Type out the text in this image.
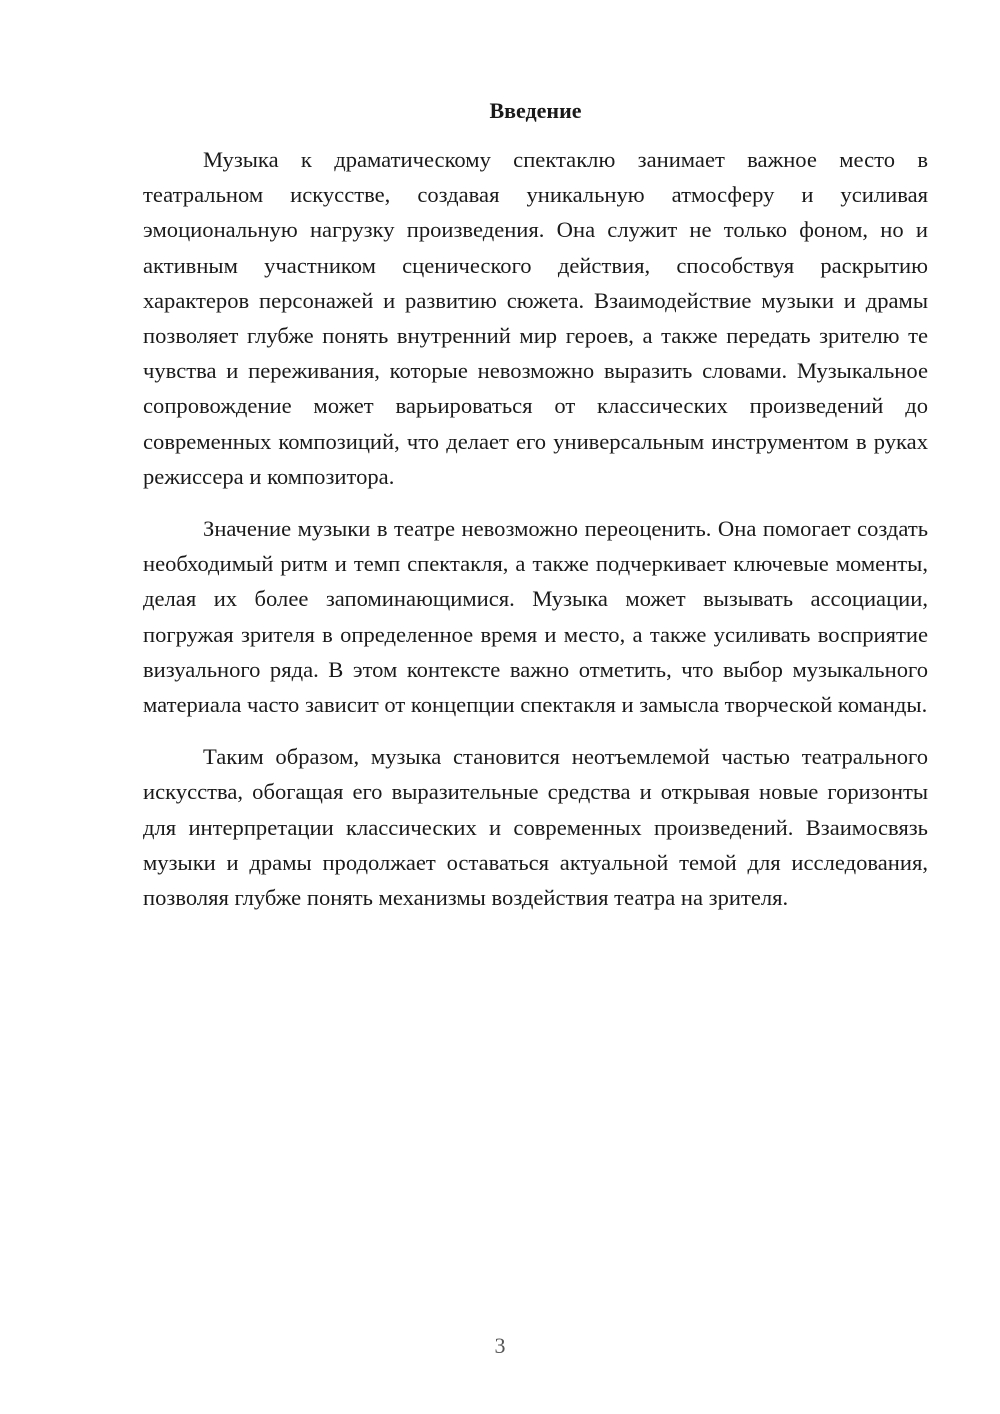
Введение

Музыка к драматическому спектаклю занимает важное место в театральном искусстве, создавая уникальную атмосферу и усиливая эмоциональную нагрузку произведения. Она служит не только фоном, но и активным участником сценического действия, способствуя раскрытию характеров персонажей и развитию сюжета. Взаимодействие музыки и драмы позволяет глубже понять внутренний мир героев, а также передать зрителю те чувства и переживания, которые невозможно выразить словами. Музыкальное сопровождение может варьироваться от классических произведений до современных композиций, что делает его универсальным инструментом в руках режиссера и композитора.

Значение музыки в театре невозможно переоценить. Она помогает создать необходимый ритм и темп спектакля, а также подчеркивает ключевые моменты, делая их более запоминающимися. Музыка может вызывать ассоциации, погружая зрителя в определенное время и место, а также усиливать восприятие визуального ряда. В этом контексте важно отметить, что выбор музыкального материала часто зависит от концепции спектакля и замысла творческой команды.

Таким образом, музыка становится неотъемлемой частью театрального искусства, обогащая его выразительные средства и открывая новые горизонты для интерпретации классических и современных произведений. Взаимосвязь музыки и драмы продолжает оставаться актуальной темой для исследования, позволяя глубже понять механизмы воздействия театра на зрителя.

3
